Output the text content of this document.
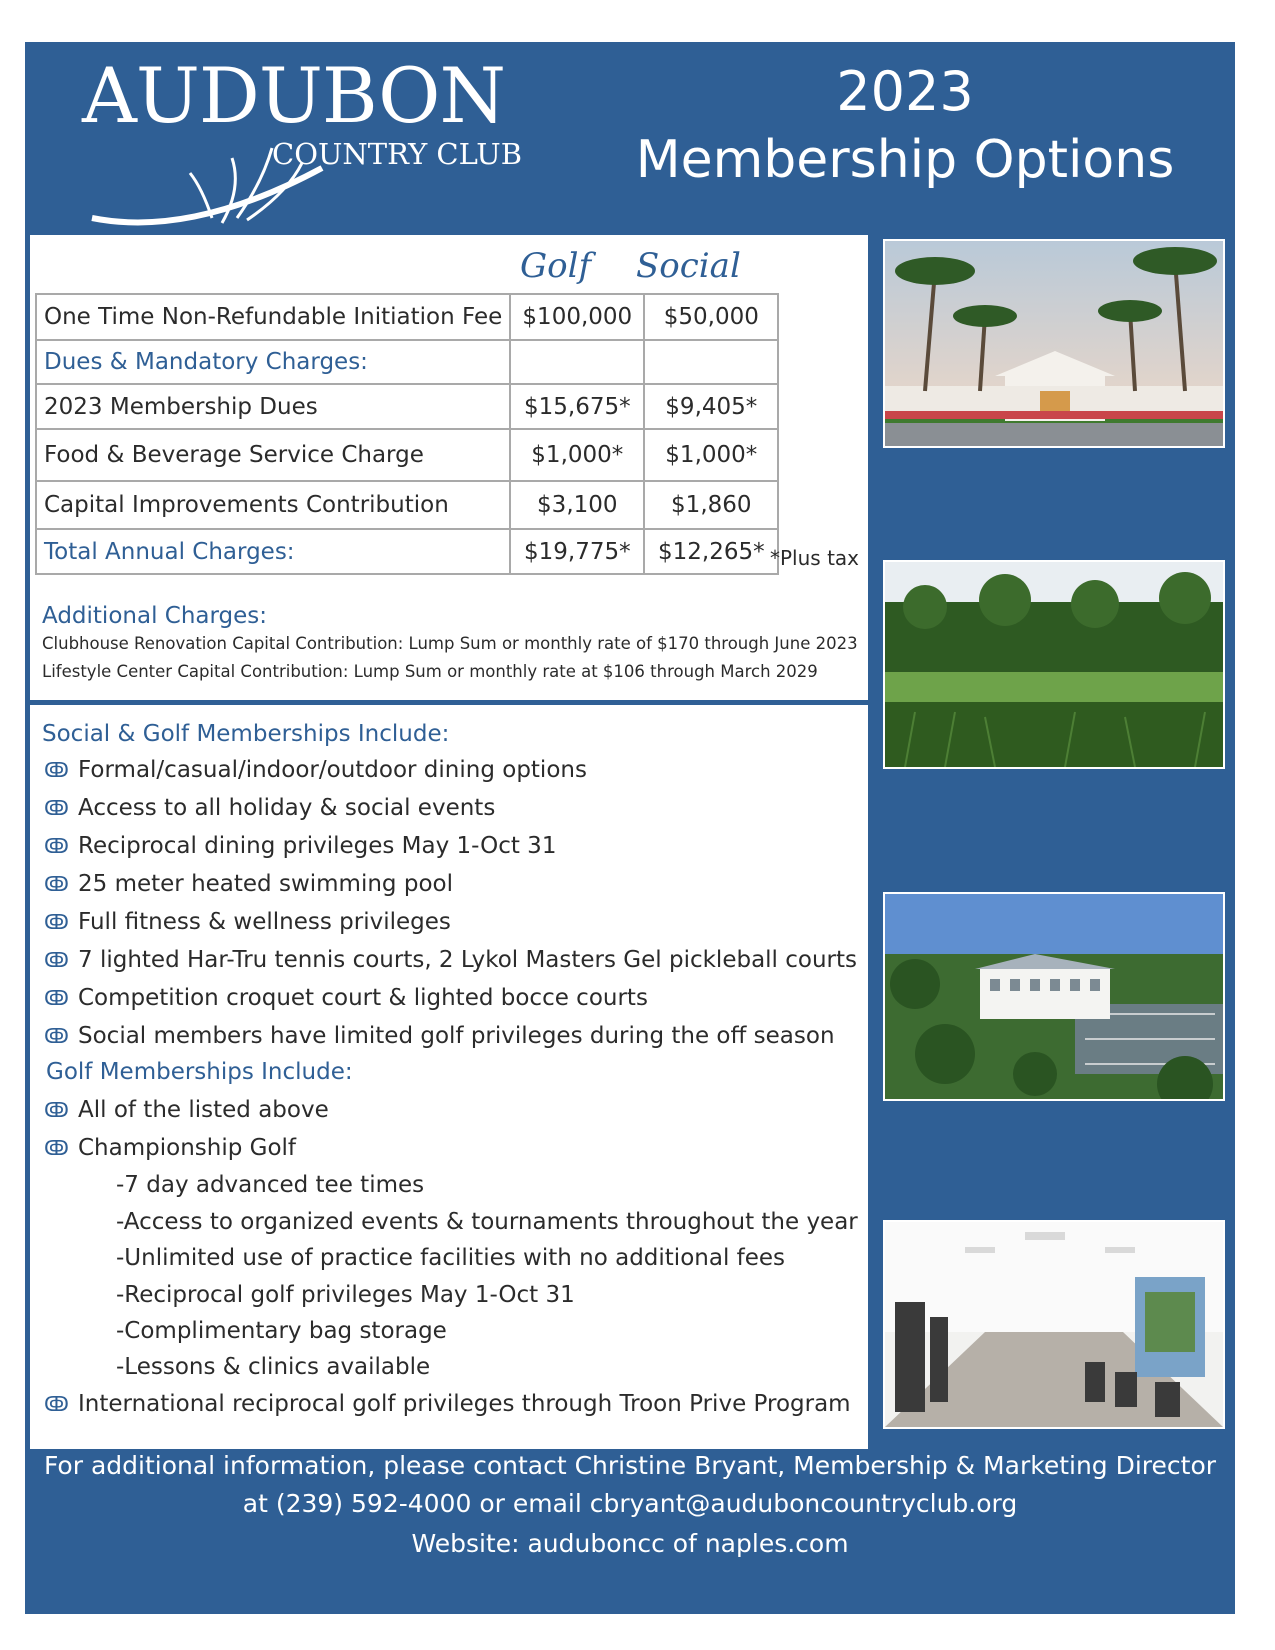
AUDUBON
COUNTRY CLUB
2023
Membership Options
Golf Social
One Time Non-Refundable Initiation Fee	$100,000	$50,000
Dues & Mandatory Charges:		
2023 Membership Dues	$15,675*	$9,405*
Food & Beverage Service Charge	$1,000*	$1,000*
Capital Improvements Contribution	$3,100	$1,860
Total Annual Charges:	$19,775*	$12,265* *Plus tax
Additional Charges:
Clubhouse Renovation Capital Contribution: Lump Sum or monthly rate of $170 through June 2023
Lifestyle Center Capital Contribution: Lump Sum or monthly rate at $106 through March 2029
Social & Golf Memberships Include:
ↂ Formal/casual/indoor/outdoor dining options
ↂ Access to all holiday & social events
ↂ Reciprocal dining privileges May 1-Oct 31
ↂ 25 meter heated swimming pool
ↂ Full fitness & wellness privileges
ↂ 7 lighted Har-Tru tennis courts, 2 Lykol Masters Gel pickleball courts
ↂ Competition croquet court & lighted bocce courts
ↂ Social members have limited golf privileges during the off season
Golf Memberships Include:
ↂ All of the listed above
ↂ Championship Golf
-7 day advanced tee times
-Access to organized events & tournaments throughout the year
-Unlimited use of practice facilities with no additional fees
-Reciprocal golf privileges May 1-Oct 31
-Complimentary bag storage
-Lessons & clinics available
ↂ International reciprocal golf privileges through Troon Prive Program
For additional information, please contact Christine Bryant, Membership & Marketing Director
at (239) 592-4000 or email cbryant@auduboncountryclub.org
Website: auduboncc of naples.com
